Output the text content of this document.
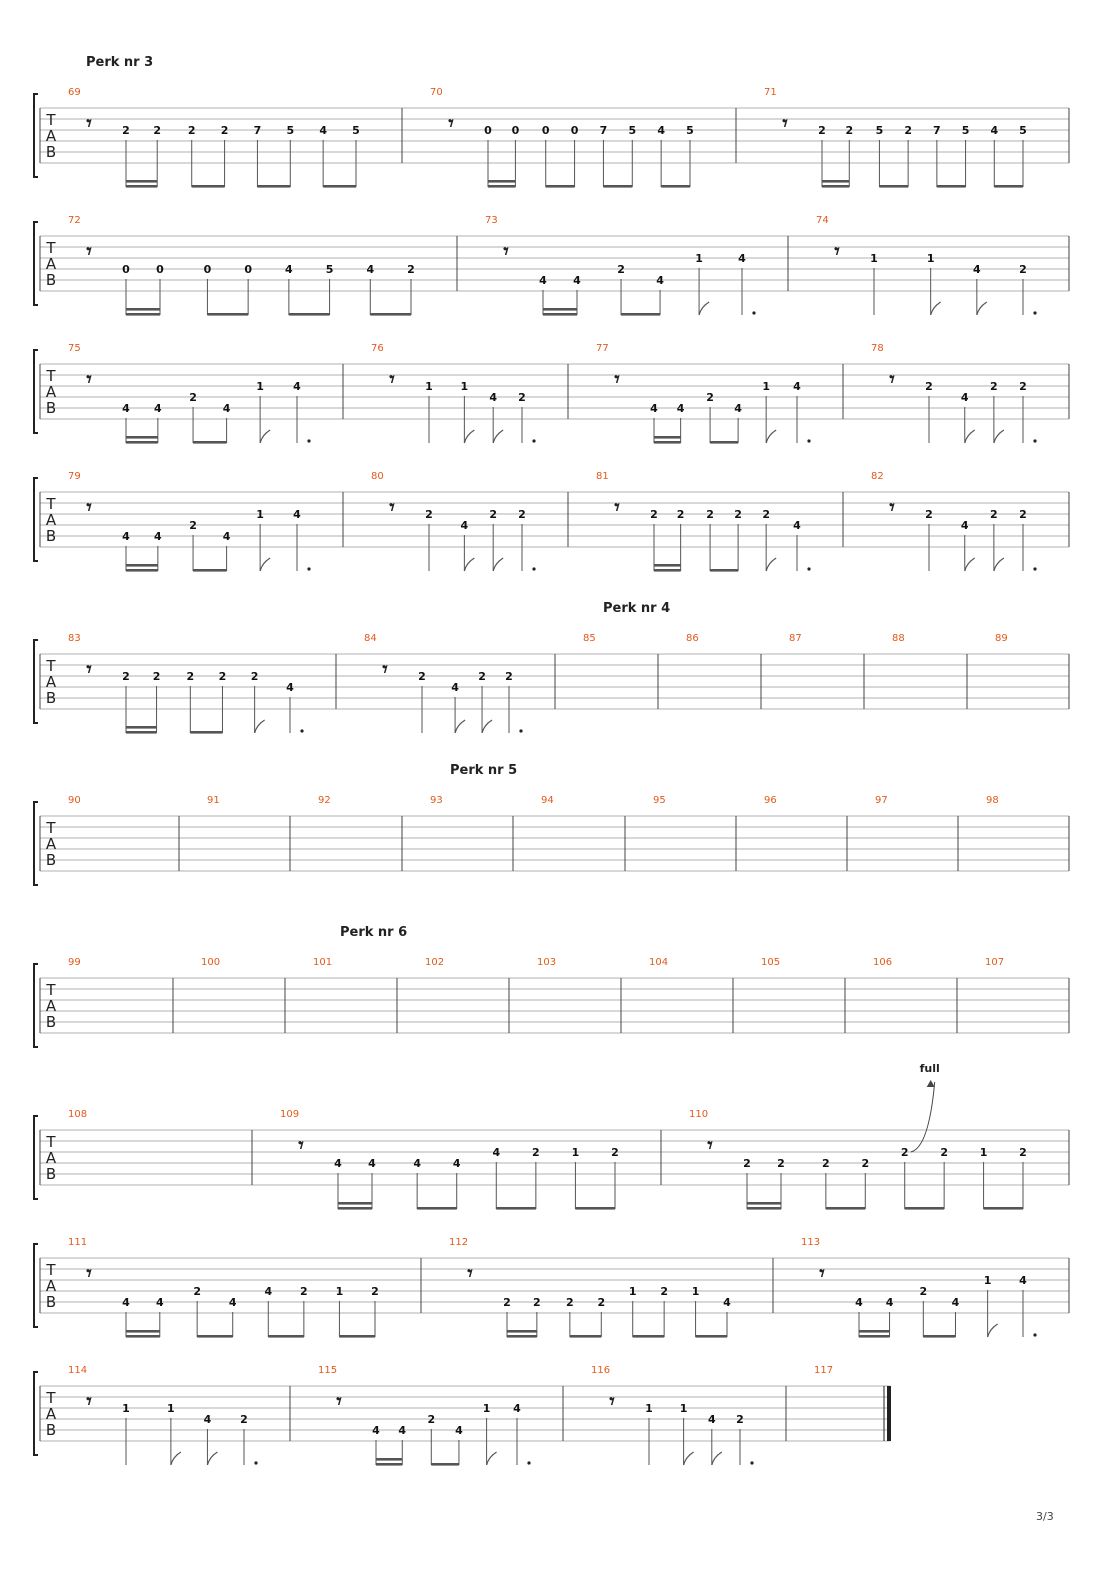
T
A
B
Perk nr 3
69
𝄾	2 2 2 2 7 5 4 5
70
𝄾	0 0 0 0 7 5 4 5
71
𝄾	2 2 5 2 7 5 4 5
T
A
B
72
𝄾
0 0	0	0	4	5	4	2
73
𝄾
4 4
2
4
1	4
74
𝄾	1	1
4	2
T
A
B
75
𝄾
4 4
2
4
1	4
76
𝄾	1	1
4 2
77
𝄾
4 4
2
4
1 4
78
𝄾	2
4
2 2
T
A
B
79
𝄾
4 4
2
4
1	4
80
𝄾	2
4
2 2
81
𝄾	2 2 2 2 2
4
82
𝄾	2
4
2 2
T
A
B
Perk nr 4
83
𝄾	2 2 2 2 2
4
84
𝄾	2
4
2 2
85	86	87	88	89
T
A
B
Perk nr 5
90	91	92	93	94	95	96	97	98
T
A
B
Perk nr 6
99	100	101	102	103	104	105	106	107
T
A
B
108	109
𝄾
4 4	4	4
4	2	1	2
110
𝄾
2 2	2	2
2
full
2	1	2
T
A
B
111
𝄾
4 4
2
4
4	2	1	2
112
𝄾
2 2 2 2
1 2 1
4
113
𝄾
4 4
2
4
1	4
T
A
B
114
𝄾	1	1
4	2
115
𝄾
4 4
2
4
1 4
116
𝄾	1 1
4 2
117
3/3
